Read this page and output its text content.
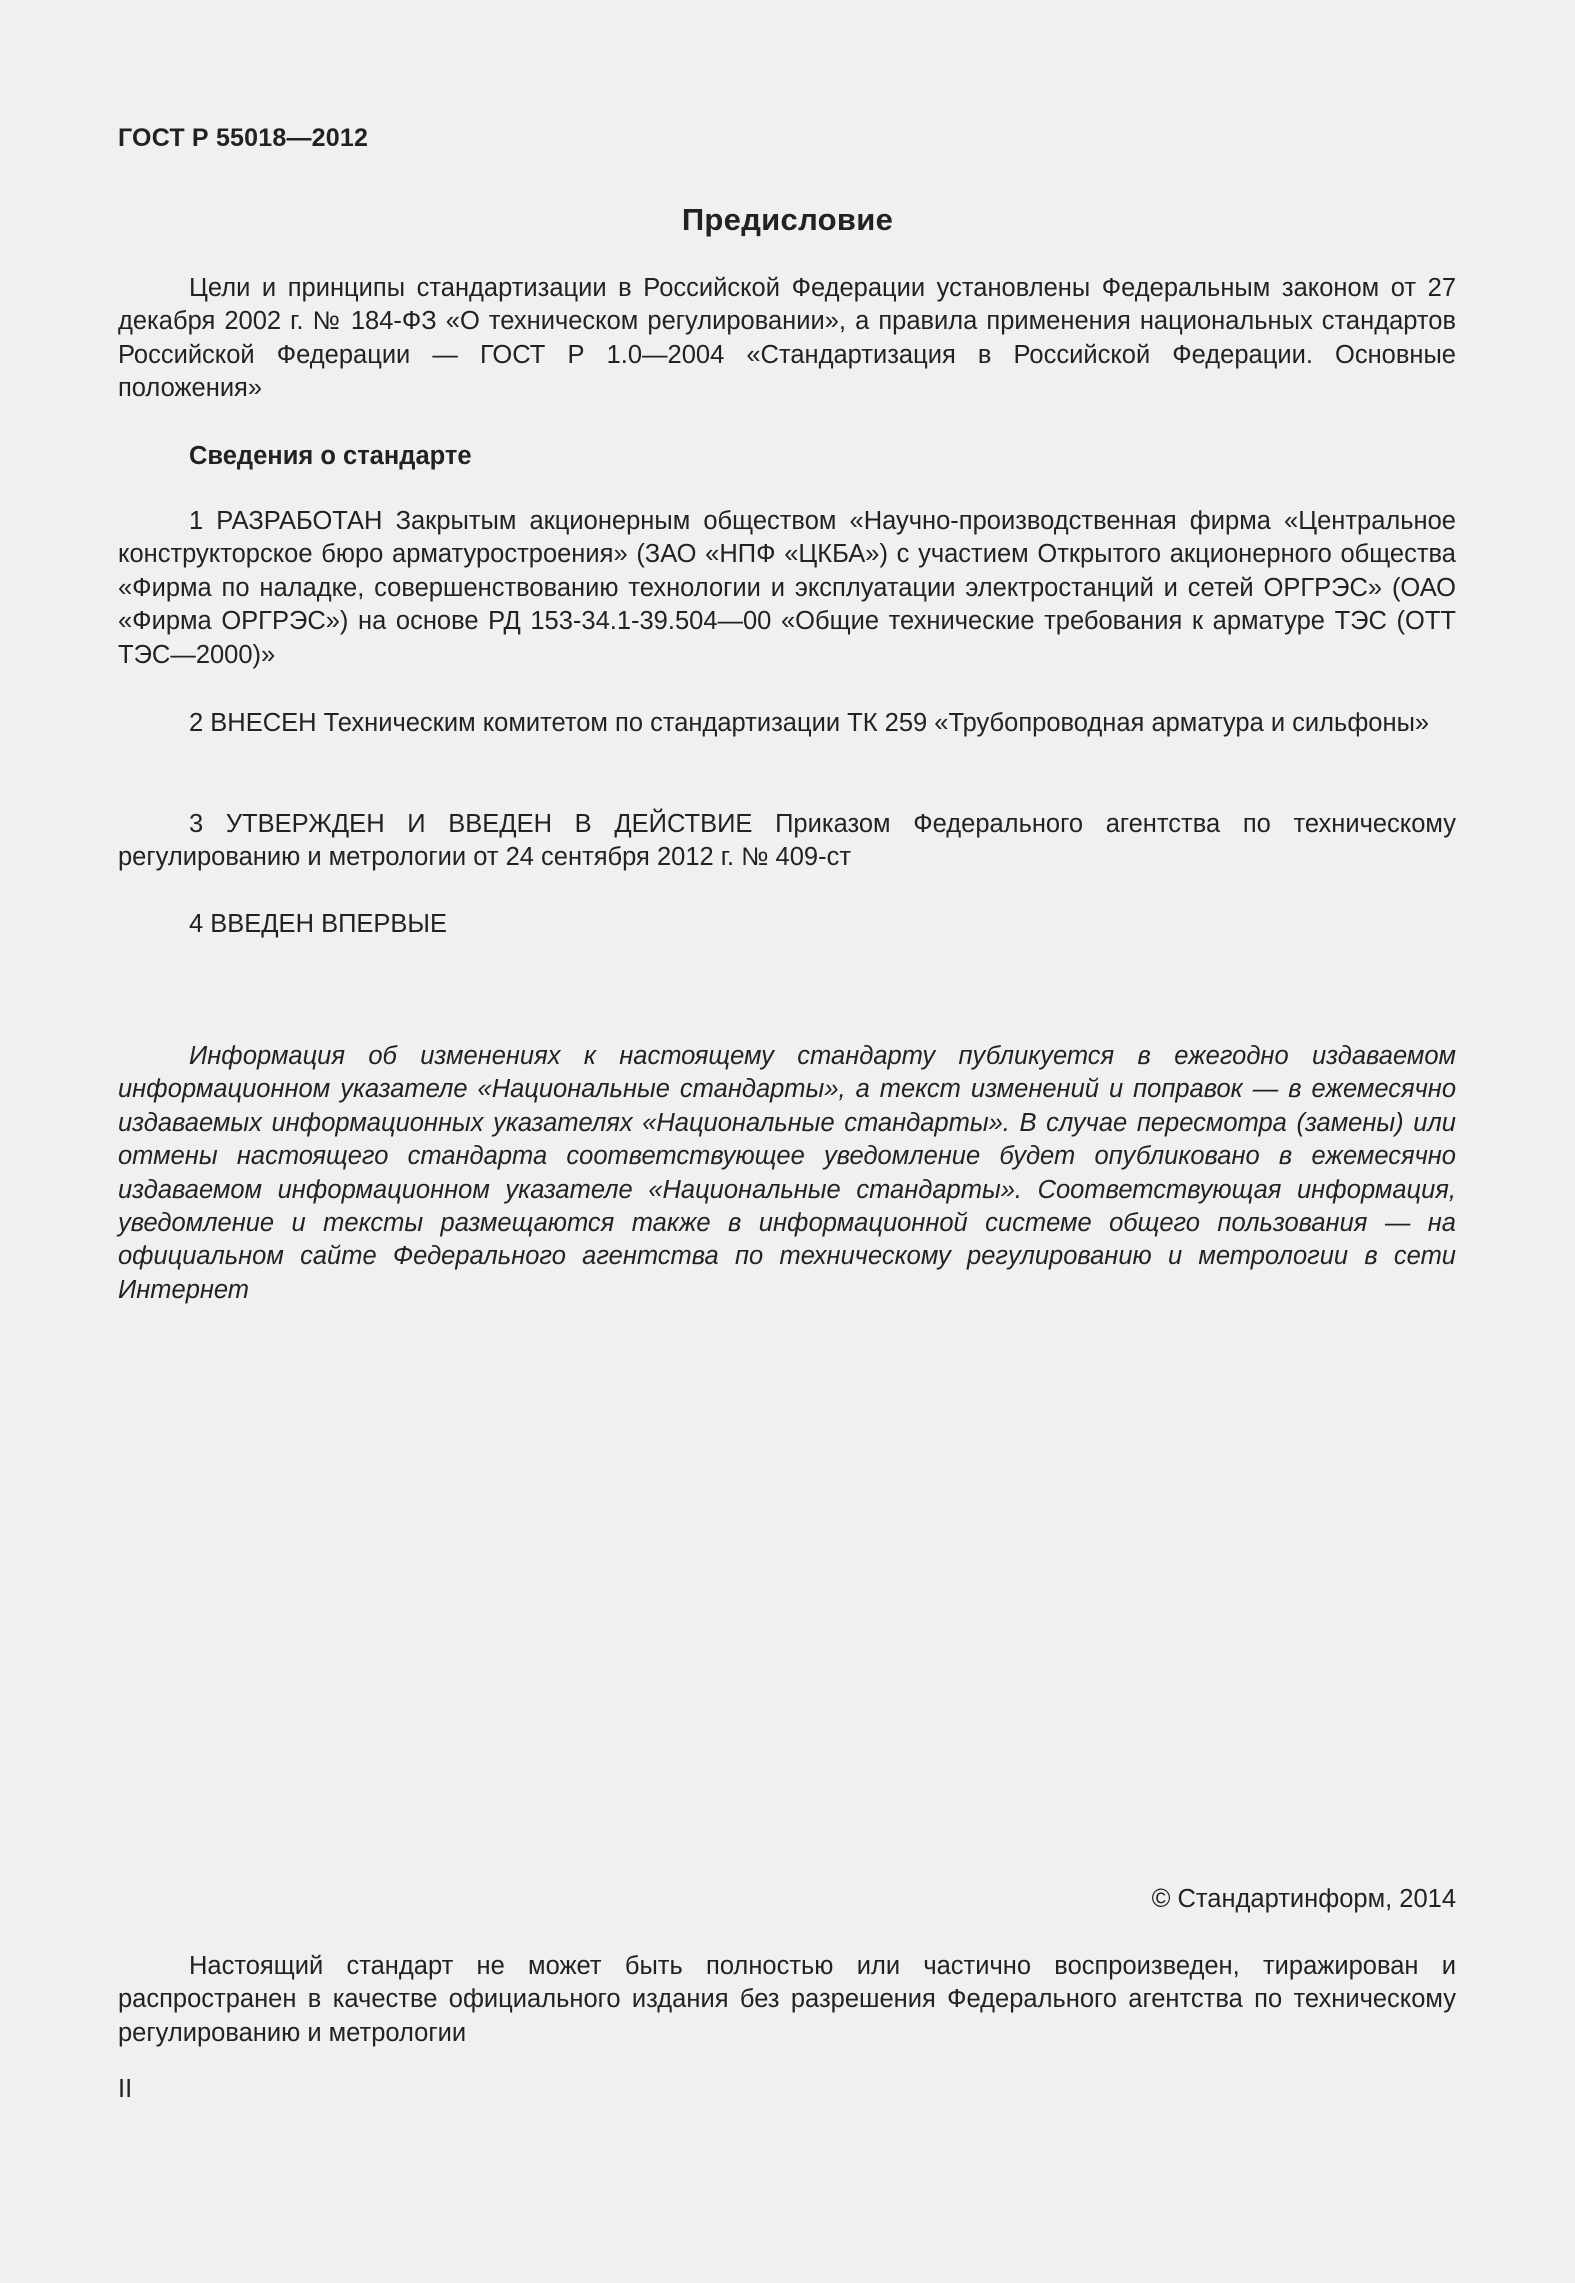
ГОСТ Р 55018—2012
Предисловие

Цели и принципы стандартизации в Российской Федерации установлены Федеральным законом от 27 декабря 2002 г. № 184-ФЗ «О техническом регулировании», а правила применения национальных стандартов Российской Федерации — ГОСТ Р 1.0—2004 «Стандартизация в Российской Федерации. Основные положения»

Сведения о стандарте

1 РАЗРАБОТАН Закрытым акционерным обществом «Научно-производственная фирма «Центральное конструкторское бюро арматуростроения» (ЗАО «НПФ «ЦКБА») с участием Открытого акционерного общества «Фирма по наладке, совершенствованию технологии и эксплуатации электростанций и сетей ОРГРЭС» (ОАО «Фирма ОРГРЭС») на основе РД 153-34.1-39.504—00 «Общие технические требования к арматуре ТЭС (ОТТ ТЭС—2000)»

2 ВНЕСЕН Техническим комитетом по стандартизации ТК 259 «Трубопроводная арматура и сильфоны»

3 УТВЕРЖДЕН И ВВЕДЕН В ДЕЙСТВИЕ Приказом Федерального агентства по техническому регулированию и метрологии от 24 сентября 2012 г. № 409-ст

4 ВВЕДЕН ВПЕРВЫЕ

Информация об изменениях к настоящему стандарту публикуется в ежегодно издаваемом информационном указателе «Национальные стандарты», а текст изменений и поправок — в ежемесячно издаваемых информационных указателях «Национальные стандарты». В случае пересмотра (замены) или отмены настоящего стандарта соответствующее уведомление будет опубликовано в ежемесячно издаваемом информационном указателе «Национальные стандарты». Соответствующая информация, уведомление и тексты размещаются также в информационной системе общего пользования — на официальном сайте Федерального агентства по техническому регулированию и метрологии в сети Интернет

© Стандартинформ, 2014

Настоящий стандарт не может быть полностью или частично воспроизведен, тиражирован и распространен в качестве официального издания без разрешения Федерального агентства по техническому регулированию и метрологии

II
